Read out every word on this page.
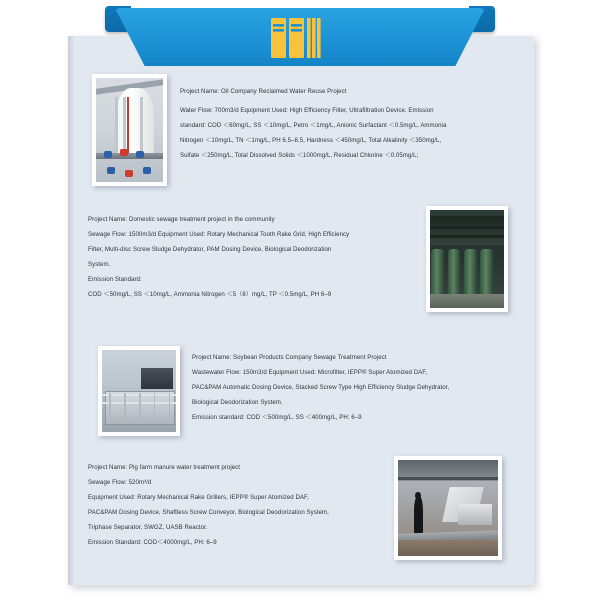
Project Name: Oil Company Reclaimed Water Reuse Project

Water Flow: 700m3/d Equipment Used: High Efficiency Filter, Ultrafiltration Device. Emission

standard: COD ＜60mg/L, SS ＜10mg/L, Petro ＜1mg/L, Anionic Surfactant ＜0.5mg/L, Ammonia

Nitrogen ＜10mg/L, TN ＜1mg/L, PH 6.5–8.5, Hardness ＜450mg/L, Total Alkalinity ＜350mg/L,

Sulfate ＜250mg/L, Total Dissolved Solids ＜1000mg/L, Residual Chlorine ＜0.05mg/L;

Project Name: Domestic sewage treatment project in the community

Sewage Flow: 1500m3/d Equipment Used: Rotary Mechanical Tooth Rake Grid, High Efficiency

Filter, Multi-disc Screw Sludge Dehydrator, PAM Dosing Device, Biological Deodorization

System.

Emission Standard:

COD ＜50mg/L, SS ＜10mg/L, Ammonia Nitrogen ＜5（8）mg/L, TP ＜0.5mg/L, PH 6–9

Project Name: Soybean Products Company Sewage Treatment Project

Wastewater Flow: 150m3/d Equipment Used: Microfilter, IEPP® Super Atomized DAF,

PAC&PAM Automatic Dosing Device, Stacked Screw Type High Efficiency Sludge Dehydrator,

Biological Deodorization System.

Emission standard: COD ＜500mg/L, SS ＜400mg/L, PH: 6–9

Project Name: Pig farm manure water treatment project

Sewage Flow: 520m³/d

Equipment Used: Rotary Mechanical Rake Grillers, IEPP® Super Atomized DAF,

PAC&PAM Dosing Device, Shaftless Screw Conveyor, Biological Deodorization System,

Triphase Separator, SWGZ, UASB Reactor.

Emission Standard: COD＜4000mg/L, PH: 6–9
